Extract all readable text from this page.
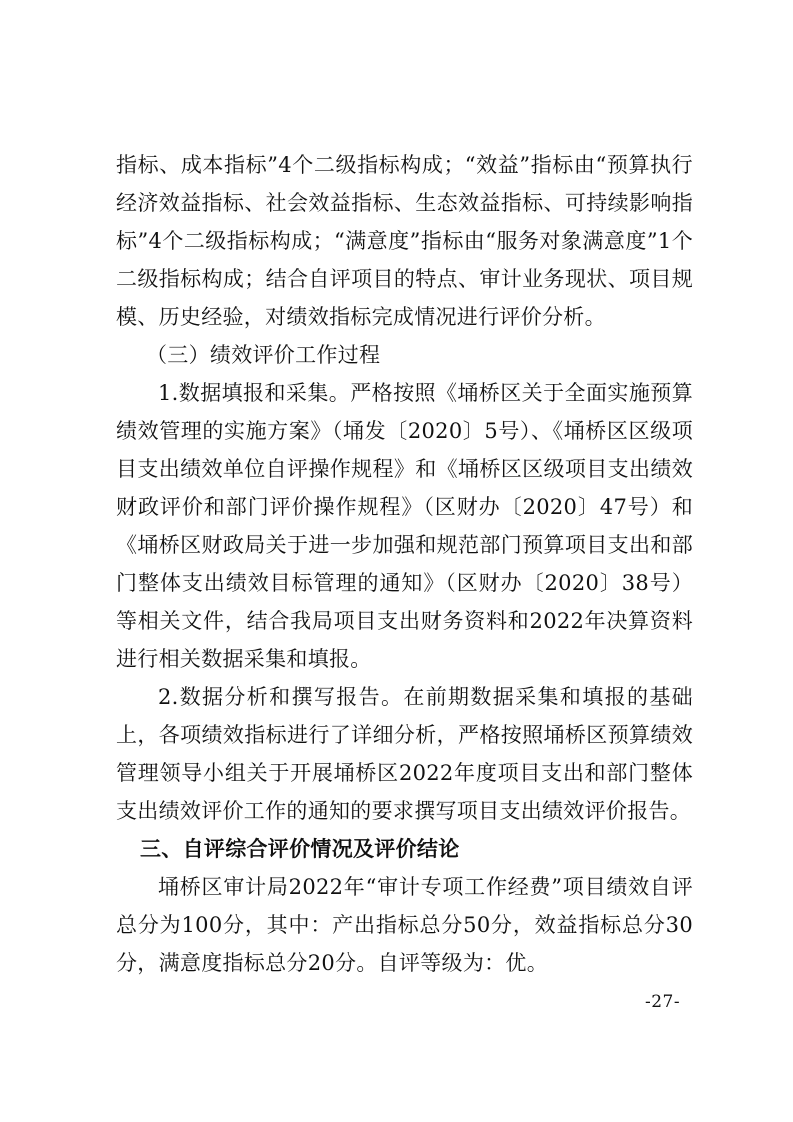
指标、成本指标”4个二级指标构成；“效益”指标由“预算执行经济效益指标、社会效益指标、生态效益指标、可持续影响指标”4个二级指标构成；“满意度”指标由“服务对象满意度”1个二级指标构成；结合自评项目的特点、审计业务现状、项目规模、历史经验，对绩效指标完成情况进行评价分析。

（三）绩效评价工作过程

1.数据填报和采集。严格按照《埇桥区关于全面实施预算绩效管理的实施方案》（埇发〔2020〕5号）、《埇桥区区级项目支出绩效单位自评操作规程》和《埇桥区区级项目支出绩效财政评价和部门评价操作规程》（区财办〔2020〕47号）和《埇桥区财政局关于进一步加强和规范部门预算项目支出和部门整体支出绩效目标管理的通知》（区财办〔2020〕38号）等相关文件，结合我局项目支出财务资料和2022年决算资料进行相关数据采集和填报。

2.数据分析和撰写报告。在前期数据采集和填报的基础上，各项绩效指标进行了详细分析，严格按照埇桥区预算绩效管理领导小组关于开展埇桥区2022年度项目支出和部门整体支出绩效评价工作的通知的要求撰写项目支出绩效评价报告。

三、自评综合评价情况及评价结论

埇桥区审计局2022年“审计专项工作经费”项目绩效自评总分为100分，其中：产出指标总分50分，效益指标总分30分，满意度指标总分20分。自评等级为：优。

-27-
